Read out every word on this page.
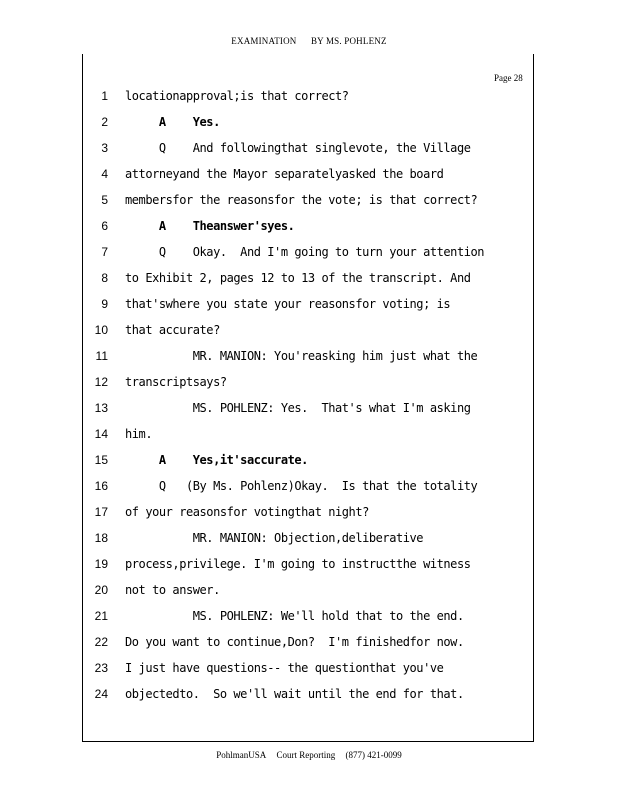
EXAMINATION BY MS. POHLENZ
Page 28
1 locationapproval;is that correct?
2 A    Yes.
3 Q    And followingthat singlevote, the Village
4 attorneyand the Mayor separatelyasked the board
5 membersfor the reasonsfor the vote; is that correct?
6 A    Theanswer'syes.
7 Q    Okay.  And I'm going to turn your attention
8 to Exhibit 2, pages 12 to 13 of the transcript. And
9 that'swhere you state your reasonsfor voting; is
10 that accurate?
11 MR. MANION: You'reasking him just what the
12 transcriptsays?
13 MS. POHLENZ: Yes.  That's what I'm asking
14 him.
15 A    Yes,it'saccurate.
16 Q   (By Ms. Pohlenz)Okay.  Is that the totality
17 of your reasonsfor votingthat night?
18 MR. MANION: Objection,deliberative
19 process,privilege. I'm going to instructthe witness
20 not to answer.
21 MS. POHLENZ: We'll hold that to the end.
22 Do you want to continue,Don?  I'm finishedfor now.
23 I just have questions-- the questionthat you've
24 objectedto.  So we'll wait until the end for that.
PohlmanUSA Court Reporting (877) 421-0099
